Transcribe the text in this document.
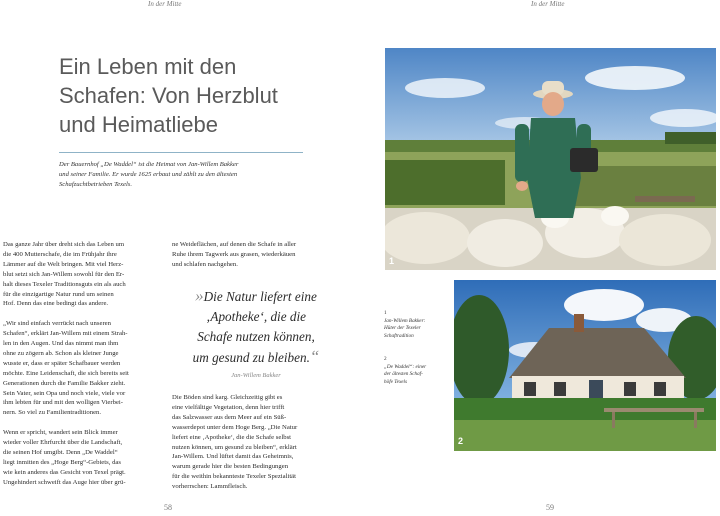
In der Mitte	In der Mitte
Ein Leben mit den
Schafen: Von Herzblut
und Heimatliebe
Der Bauernhof „De Waddel“ ist die Heimat von Jan-Willem Bakker
und seiner Familie. Er wurde 1625 erbaut und zählt zu den ältesten
Schafzuchtbetrieben Texels.

Das ganze Jahr über dreht sich das Leben um
die 400 Mutterschafe, die im Frühjahr ihre
Lämmer auf die Welt bringen. Mit viel Herz-
blut setzt sich Jan-Willem sowohl für den Er-
halt dieses Texeler Traditionsguts ein als auch
für die einzigartige Natur rund um seinen
Hof. Denn das eine bedingt das andere.

„Wir sind einfach verrückt nach unseren
Schafen“, erklärt Jan-Willem mit einem Strah-
len in den Augen. Und das nimmt man ihm
ohne zu zögern ab. Schon als kleiner Junge
wusste er, dass er später Schafbauer werden
möchte. Eine Leidenschaft, die sich bereits seit
Generationen durch die Familie Bakker zieht.
Sein Vater, sein Opa und noch viele, viele vor
ihm lebten für und mit den wolligen Vierbei-
nern. So viel zu Familientraditionen.

Wenn er spricht, wandert sein Blick immer
wieder voller Ehrfurcht über die Landschaft,
die seinen Hof umgibt. Denn „De Waddel“
liegt inmitten des „Hoge Berg“-Gebiets, das
wie kein anderes das Gesicht von Texel prägt.
Ungehindert schweift das Auge hier über grü-

ne Weideflächen, auf denen die Schafe in aller
Ruhe ihrem Tagwerk aus grasen, wiederkäuen
und schlafen nachgehen.

»Die Natur liefert eine
‚Apotheke‘, die die
Schafe nutzen können,
um gesund zu bleiben.“
Jan-Willem Bakker

Die Böden sind karg. Gleichzeitig gibt es
eine vielfältige Vegetation, denn hier trifft
das Salzwasser aus dem Meer auf ein Süß-
wasserdepot unter dem Hoge Berg. „Die Natur
liefert eine ‚Apotheke‘, die die Schafe selbst
nutzen können, um gesund zu bleiben“, erklärt
Jan-Willem. Und lüftet damit das Geheimnis,
warum gerade hier die besten Bedingungen
für die weithin bekannteste Texeler Spezialität
vorherrschen: Lammfleisch.

58	59
1
2
1
Jan-Willem Bakker:
Hüter der Texeler
Schaftradition
2
„De Waddel“: einer
der ältesten Schaf-
höfe Texels
